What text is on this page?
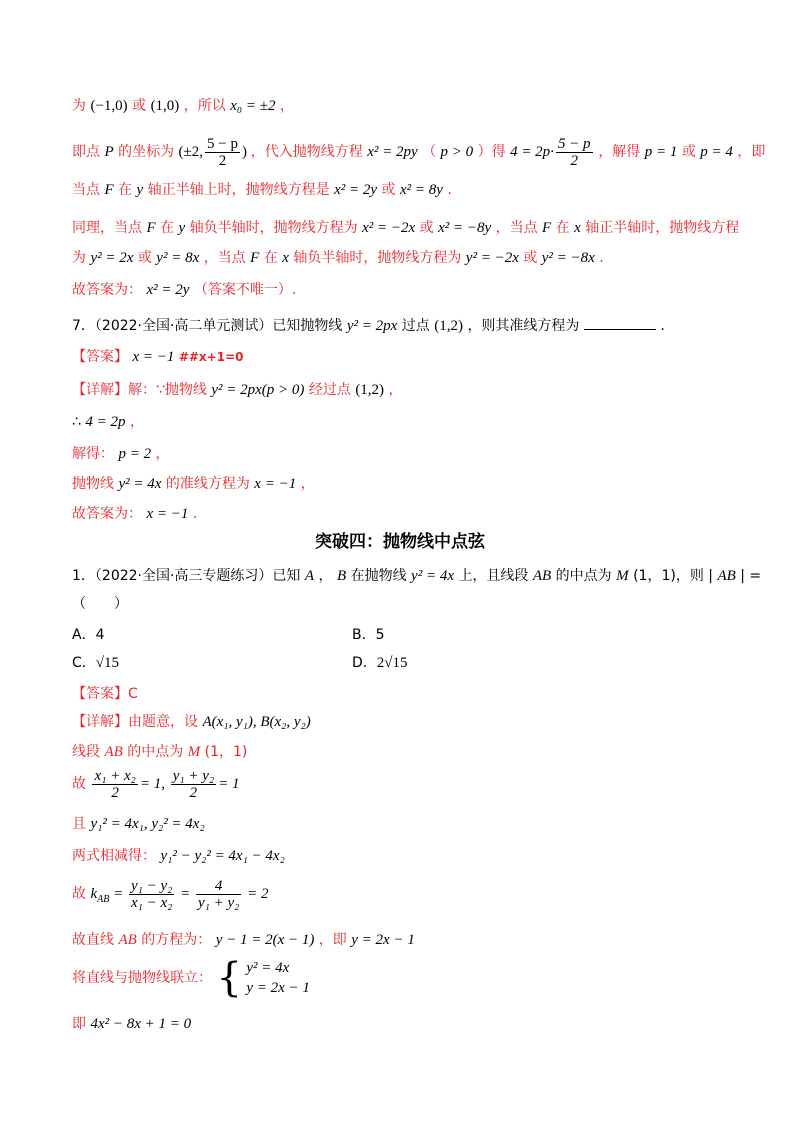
为 (−1,0) 或 (1,0) ，所以 x₀ = ±2 ，
即点 P 的坐标为 (±2, $\frac{5 - p}{2}$ ) ，代入抛物线方程 x² = 2py （ p > 0 ）得 $4 = 2p\cdot \frac{5 - p}{2}$ ，解得 p = 1 或 p = 4 ，即
当点 F 在 y 轴正半轴上时，抛物线方程是 x² = 2y 或 x² = 8y .
同理，当点 F 在 y 轴负半轴时，抛物线方程为 x² = −2x 或 x² = −8y ，当点 F 在 x 轴正半轴时，抛物线方程
为 y² = 2x 或 y² = 8x ，当点 F 在 x 轴负半轴时，抛物线方程为 y² = −2x 或 y² = −8x .
故答案为： x² = 2y （答案不唯一）.
7．（2022·全国·高二单元测试）已知抛物线 y² = 2px 过点 (1,2) ，则其准线方程为	.
【答案】 x = −1 ##x+1=0
【详解】解：∵抛物线 y² = 2px(p > 0) 经过点 (1,2) ，
∴ 4 = 2p ，
解得： p = 2 ，
抛物线 y² = 4x 的准线方程为 x = −1 ，
故答案为： x = −1 .
突破四：抛物线中点弦
1．（2022·全国·高三专题练习）已知 A ， B 在抛物线 y² = 4x 上，且线段 AB 的中点为 M (1，1)，则 | AB | =
（　　）
A．4	B．5
C．√15	D．2√15
【答案】C
【详解】由题意，设 A(x₁, y₁), B(x₂, y₂)
线段 AB 的中点为 M (1，1)
故 $\frac{\text{x₁ + x₂}}{2} = 1$, $\frac{\text{y₁ + y₂}}{2} = 1$
且 y₁² = 4x₁, y₂² = 4x₂
两式相减得： y₁² − y₂² = 4x₁ − 4x₂
故 $k_{AB} = \frac{\text{y₁ − y₂}}{\text{x₁ − x₂}} = \frac{4}{\text{y₁ + y₂}} = 2$
故直线 AB 的方程为： y − 1 = 2(x − 1) ，即 y = 2x − 1
将直线与抛物线联立： { y² = 4x
y = 2x − 1
即 4x² − 8x + 1 = 0
